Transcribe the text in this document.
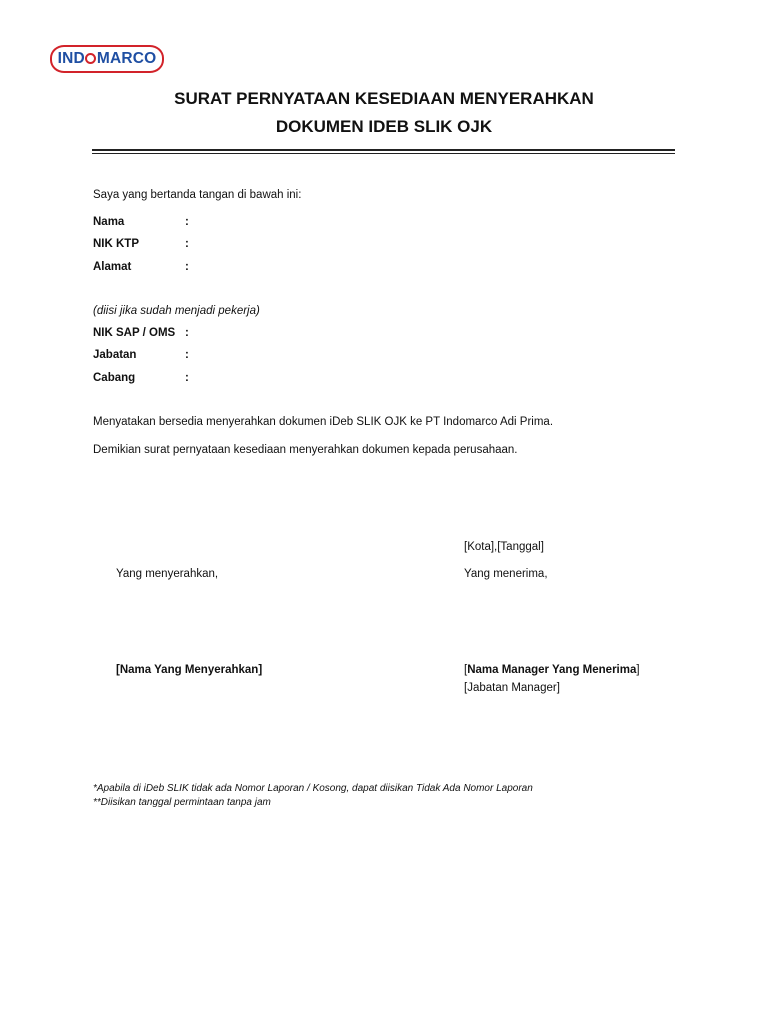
IND MARCO
SURAT PERNYATAAN KESEDIAAN MENYERAHKAN
DOKUMEN IDEB SLIK OJK
Saya yang bertanda tangan di bawah ini:
Nama	:
NIK KTP	:
Alamat	:
(diisi jika sudah menjadi pekerja)
NIK SAP / OMS :
Jabatan	:
Cabang	:
Menyatakan bersedia menyerahkan dokumen iDeb SLIK OJK ke PT Indomarco Adi Prima.
Demikian surat pernyataan kesediaan menyerahkan dokumen kepada perusahaan.
[Kota],[Tanggal]
Yang menyerahkan,	Yang menerima,
[Nama Yang Menyerahkan]	[Nama Manager Yang Menerima]
[Jabatan Manager]
*Apabila di iDeb SLIK tidak ada Nomor Laporan / Kosong, dapat diisikan Tidak Ada Nomor Laporan
**Diisikan tanggal permintaan tanpa jam
